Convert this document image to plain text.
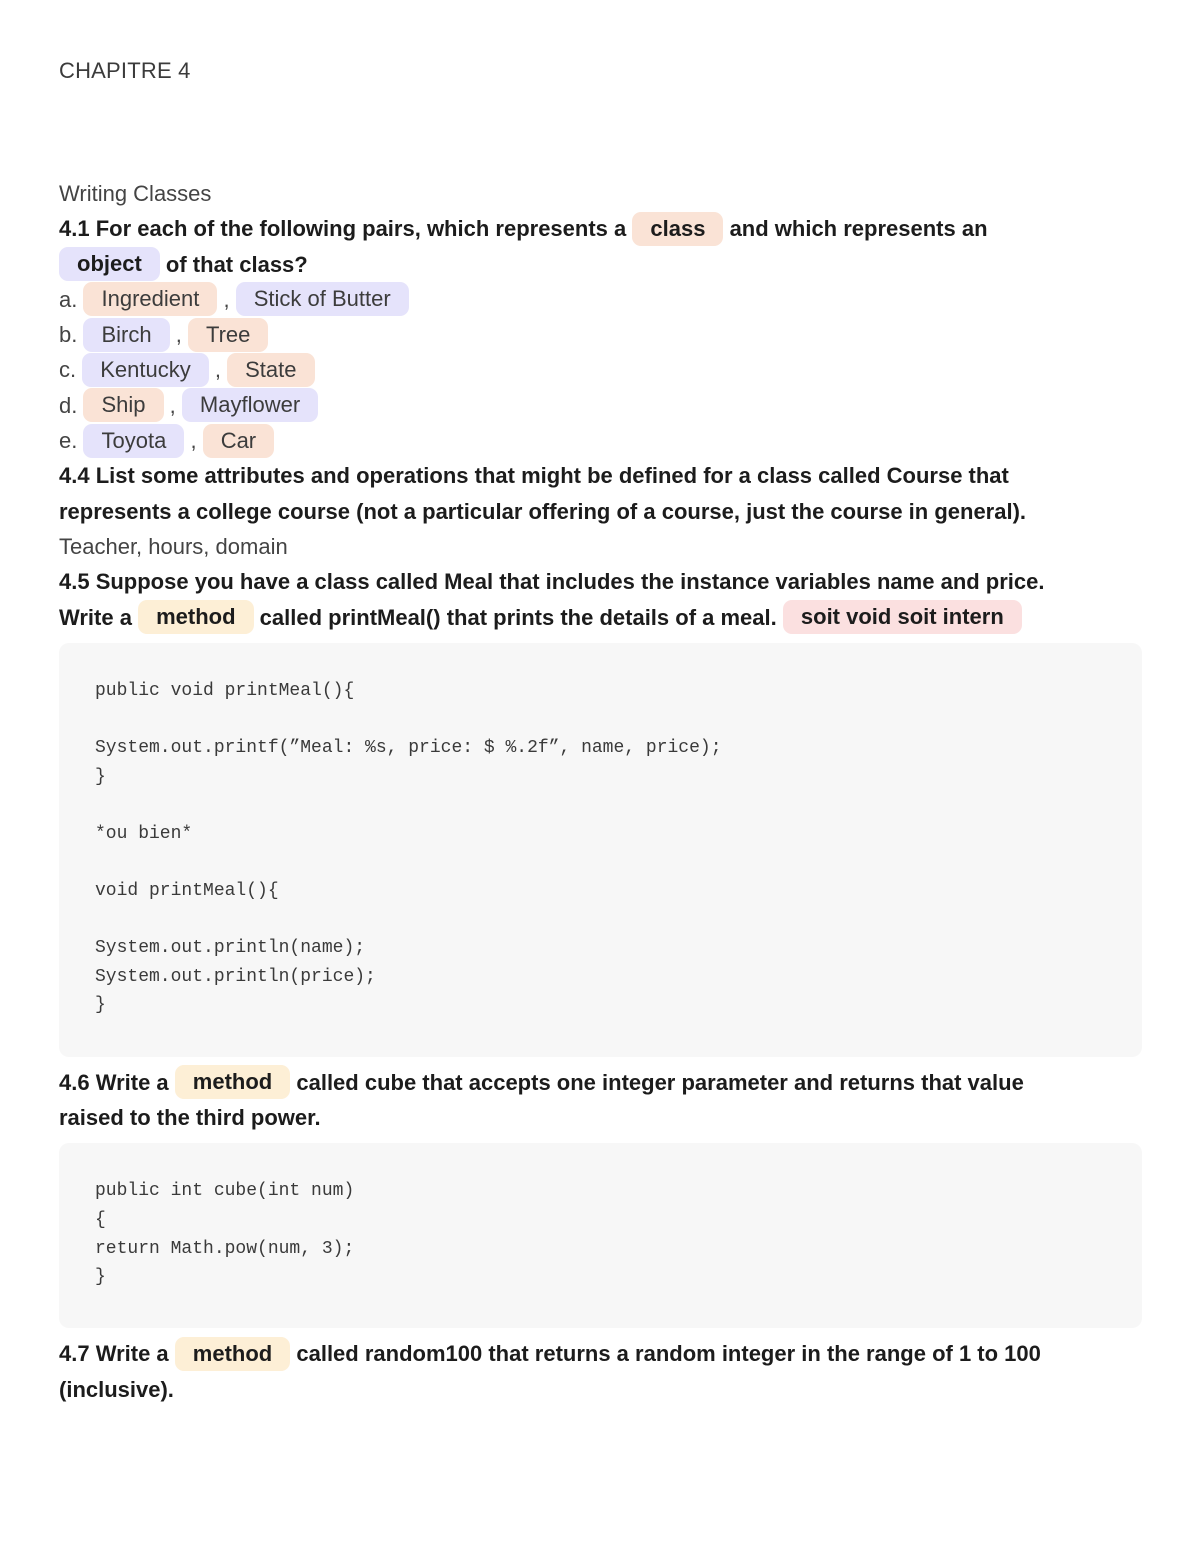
CHAPITRE 4
Writing Classes
4.1 For each of the following pairs, which represents a class and which represents an
object of that class?
a. Ingredient , Stick of Butter
b. Birch , Tree
c. Kentucky , State
d. Ship , Mayflower
e. Toyota , Car
4.4 List some attributes and operations that might be defined for a class called Course that
represents a college course (not a particular offering of a course, just the course in general).
Teacher, hours, domain
4.5 Suppose you have a class called Meal that includes the instance variables name and price.
Write a method called printMeal() that prints the details of a meal. soit void soit intern
public void printMeal(){
System.out.printf(”Meal: %s, price: $ %.2f”, name, price);
}
*ou bien*
void printMeal(){
System.out.println(name);
System.out.println(price);
}
4.6 Write a method called cube that accepts one integer parameter and returns that value
raised to the third power.
public int cube(int num)
{
return Math.pow(num, 3);
}
4.7 Write a method called random100 that returns a random integer in the range of 1 to 100
(inclusive).
